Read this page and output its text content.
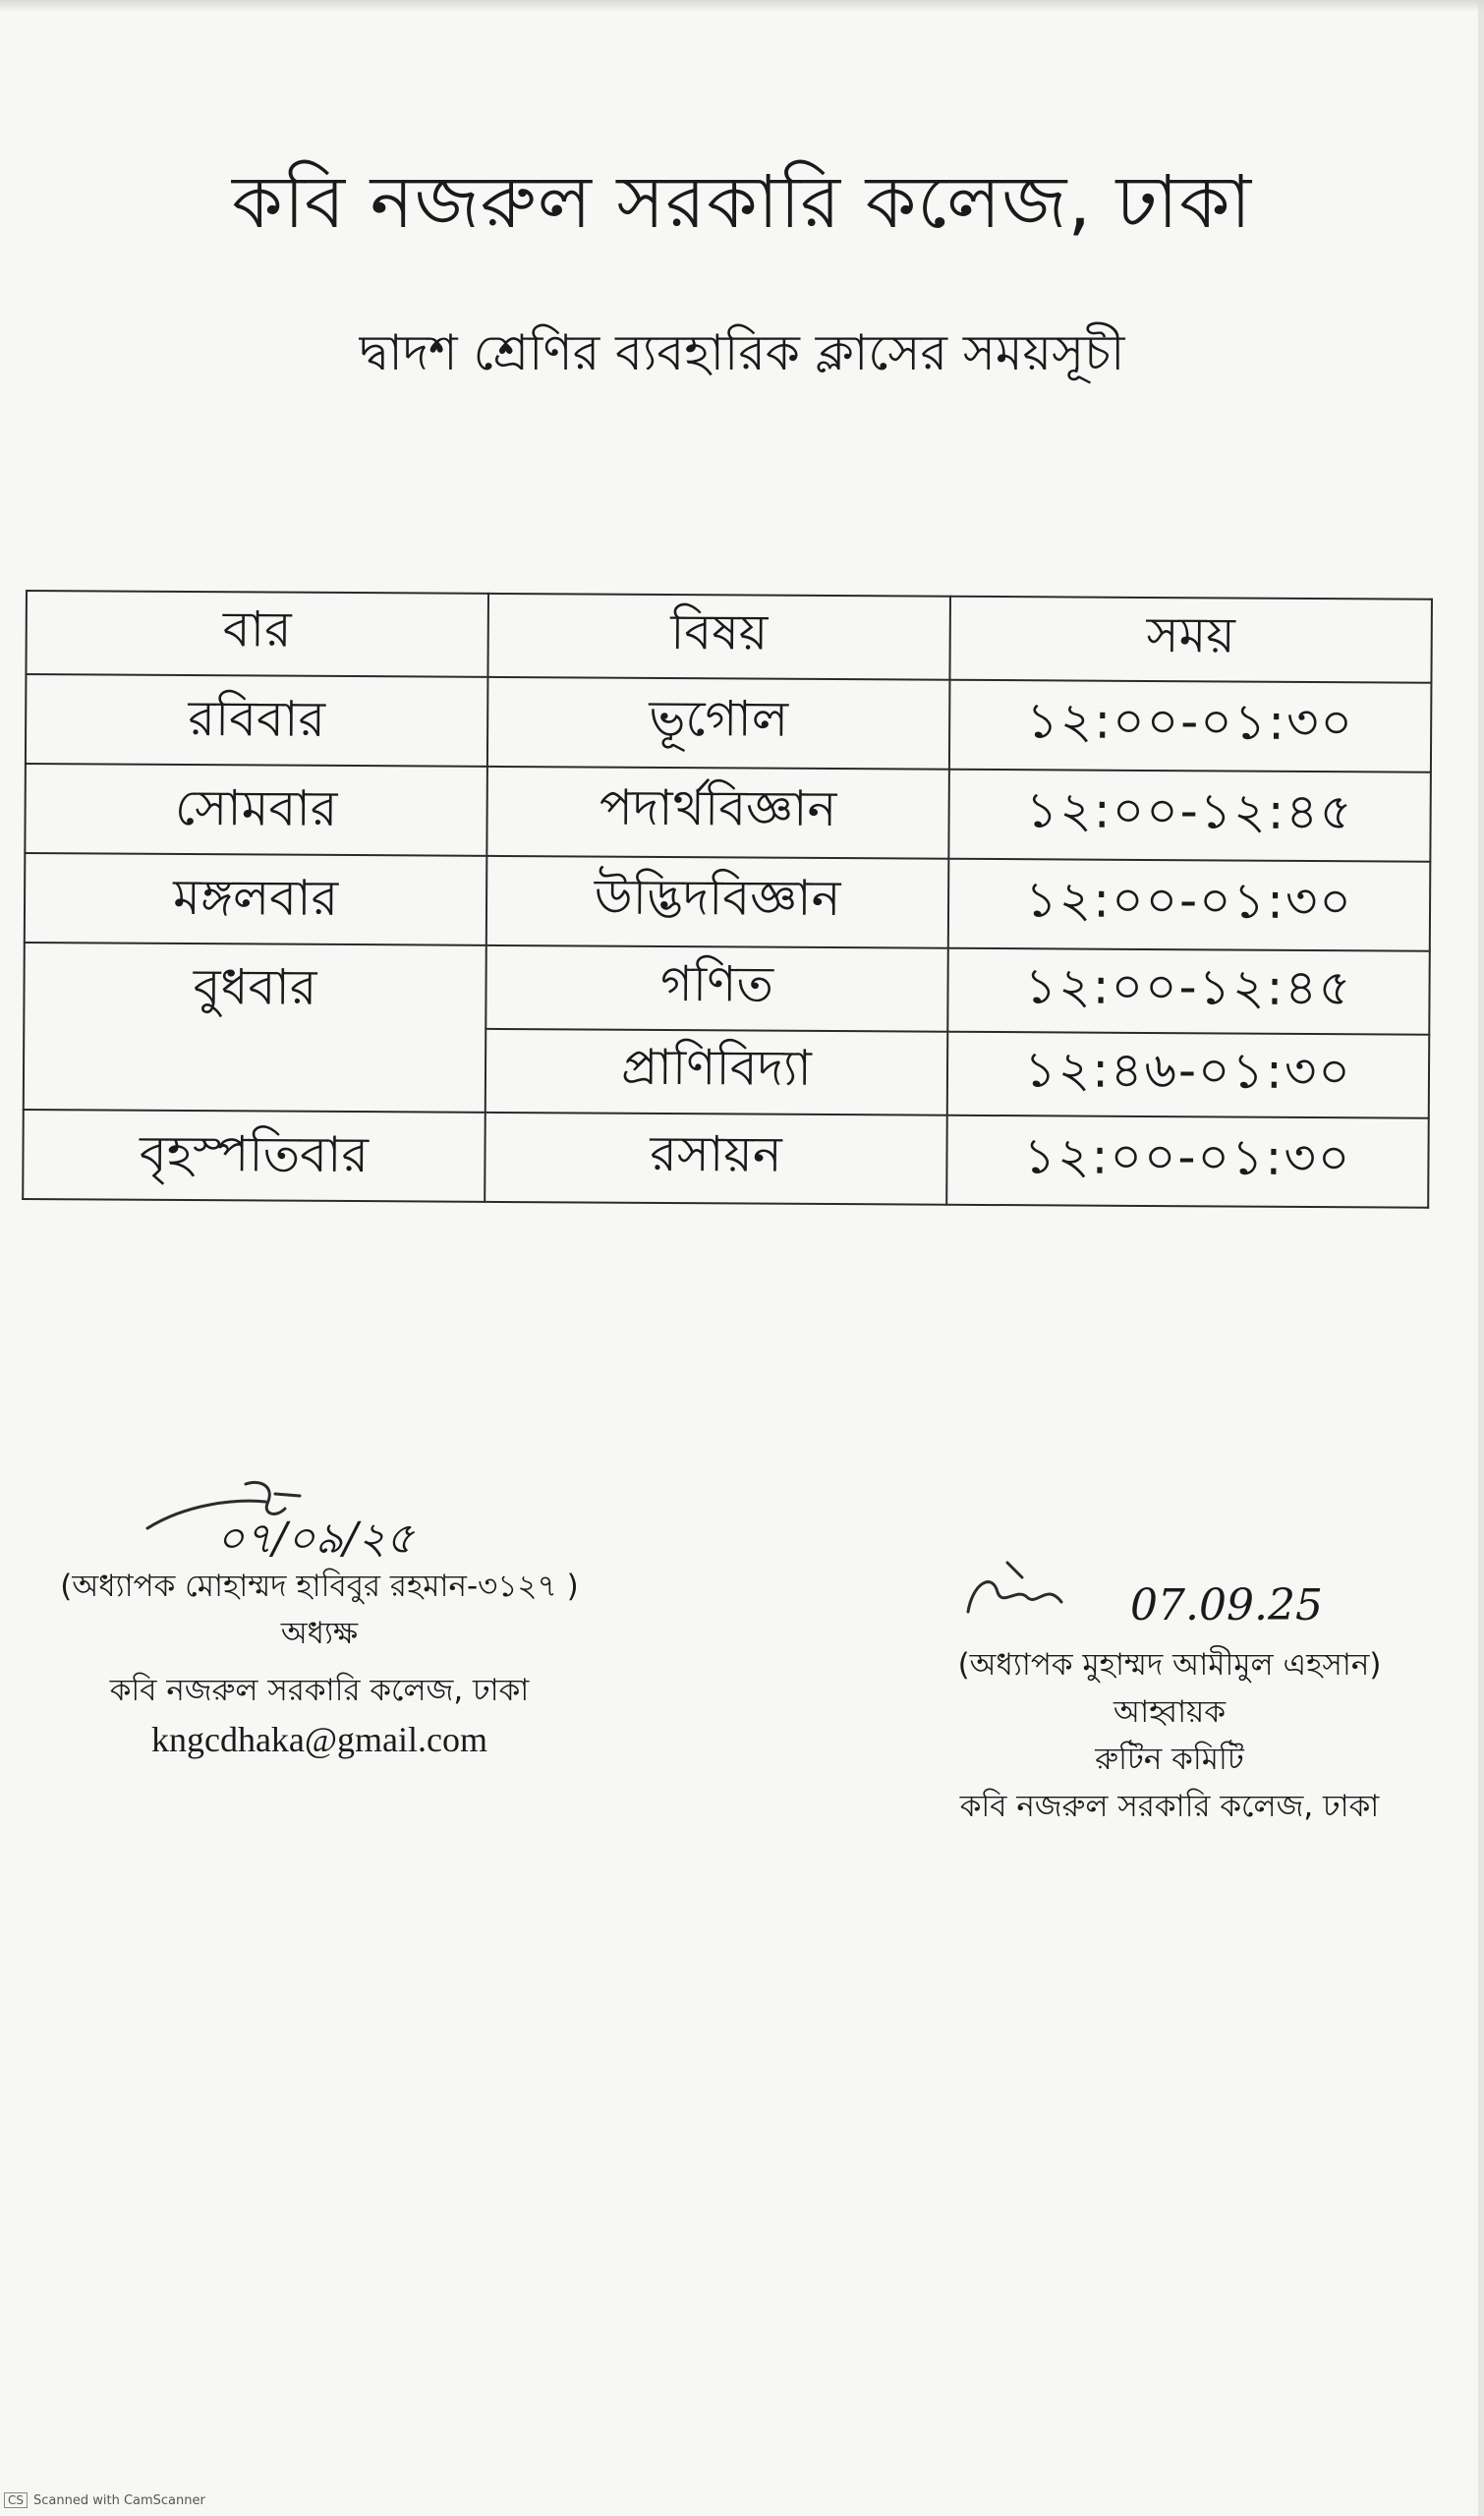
কবি নজরুল সরকারি কলেজ, ঢাকা
দ্বাদশ শ্রেণির ব্যবহারিক ক্লাসের সময়সূচী
বার	বিষয়	সময়
রবিবার	ভূগোল	১২:০০-০১:৩০
সোমবার	পদার্থবিজ্ঞান	১২:০০-১২:৪৫
মঙ্গলবার	উদ্ভিদবিজ্ঞান	১২:০০-০১:৩০
বুধবার	গণিত	১২:০০-১২:৪৫
	প্রাণিবিদ্যা	১২:৪৬-০১:৩০
বৃহস্পতিবার	রসায়ন	১২:০০-০১:৩০
০৭/০৯/২৫
(অধ্যাপক মোহাম্মদ হাবিবুর রহমান-৩১২৭ )
অধ্যক্ষ
কবি নজরুল সরকারি কলেজ, ঢাকা
kngcdhaka@gmail.com
07.09.25
(অধ্যাপক মুহাম্মদ আমীমুল এহসান)
আহ্বায়ক
রুটিন কমিটি
কবি নজরুল সরকারি কলেজ, ঢাকা
CS Scanned with CamScanner
